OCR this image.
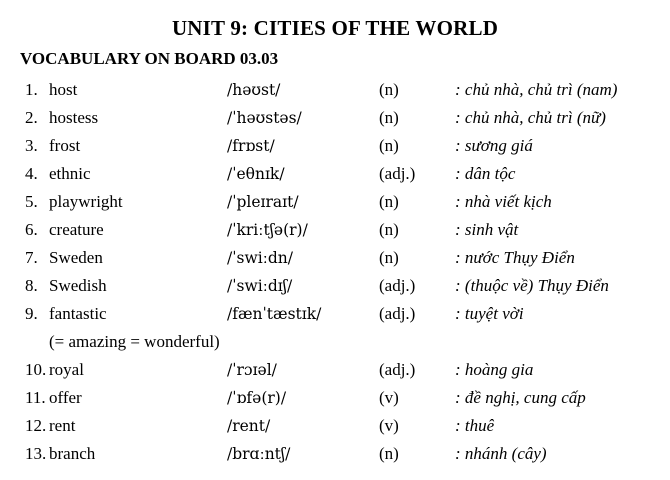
UNIT 9: CITIES OF THE WORLD
VOCABULARY ON BOARD 03.03
1. host	/həʊst/	(n)	: chủ nhà, chủ trì (nam)
2. hostess	/ˈhəʊstəs/	(n)	: chủ nhà, chủ trì (nữ)
3. frost	/frɒst/	(n)	: sương giá
4. ethnic	/ˈeθnɪk/	(adj.) : dân tộc
5. playwright	/ˈpleɪraɪt/	(n)	: nhà viết kịch
6. creature	/ˈkriːtʃə(r)/	(n)	: sinh vật
7. Sweden	/ˈswiːdn/	(n)	: nước Thụy Điển
8. Swedish	/ˈswiːdɪʃ/	(adj.) : (thuộc về) Thụy Điển
9. fantastic	/fænˈtæstɪk/	(adj.) : tuyệt vời
(= amazing = wonderful)
10. royal	/ˈrɔɪəl/	(adj.) : hoàng gia
11. offer	/ˈɒfə(r)/	(v)	: đề nghị, cung cấp
12. rent	/rent/	(v)	: thuê
13. branch	/brɑːntʃ/	(n)	: nhánh (cây)
